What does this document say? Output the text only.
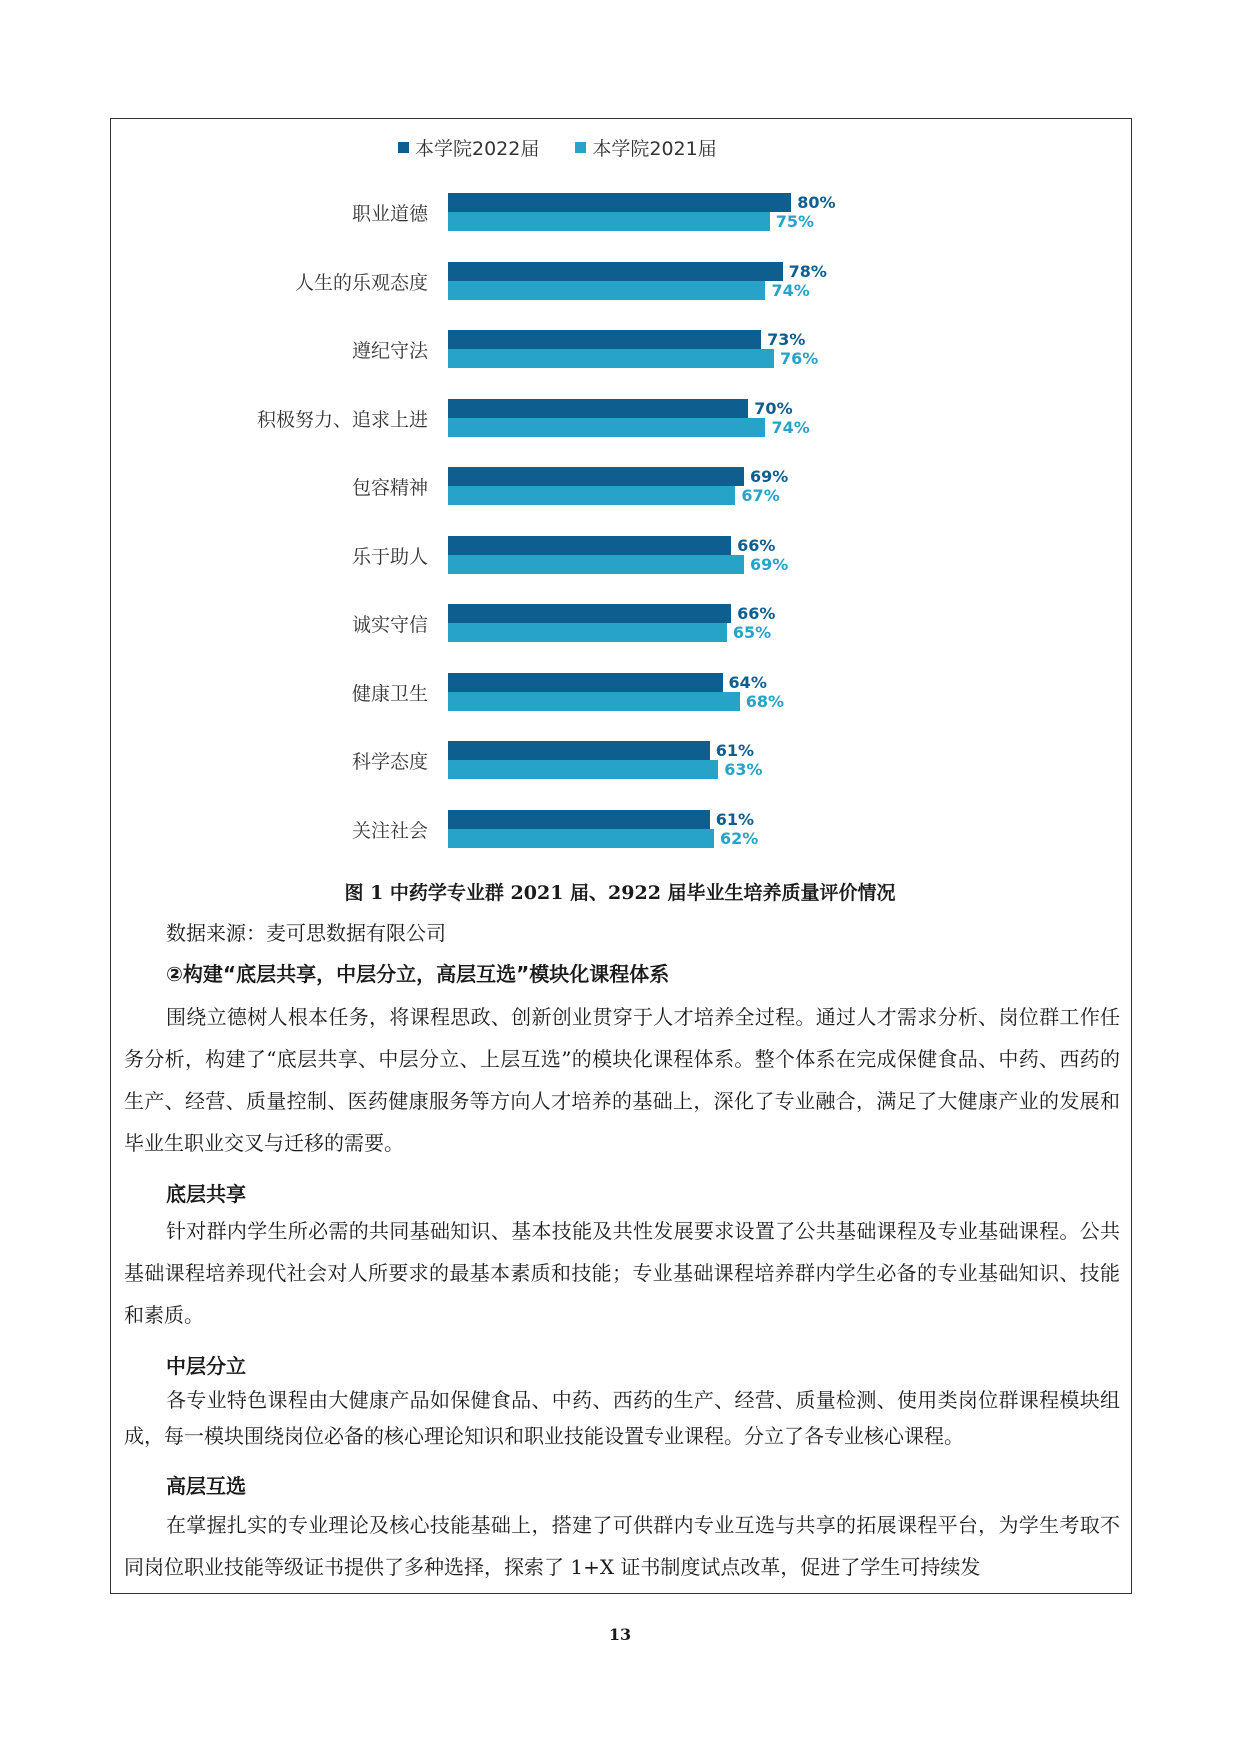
本学院2022届	本学院2021届
职业道德
80%
75%
人生的乐观态度
78%
74%
遵纪守法
73%
76%
积极努力、追求上进
70%
74%
包容精神
69%
67%
乐于助人
66%
69%
诚实守信
66%
65%
健康卫生
64%
68%
科学态度
61%
63%
关注社会
61%
62%
图 1 中药学专业群 2021 届、2922 届毕业生培养质量评价情况
数据来源：麦可思数据有限公司
②构建“底层共享，中层分立，高层互选”模块化课程体系
围绕立德树人根本任务，将课程思政、创新创业贯穿于人才培养全过程。通过人才需求分析、岗位群工作任务分析，构建了“底层共享、中层分立、上层互选”的模块化课程体系。整个体系在完成保健食品、中药、西药的生产、经营、质量控制、医药健康服务等方向人才培养的基础上，深化了专业融合，满足了大健康产业的发展和毕业生职业交叉与迁移的需要。
底层共享
针对群内学生所必需的共同基础知识、基本技能及共性发展要求设置了公共基础课程及专业基础课程。公共基础课程培养现代社会对人所要求的最基本素质和技能；专业基础课程培养群内学生必备的专业基础知识、技能和素质。
中层分立
各专业特色课程由大健康产品如保健食品、中药、西药的生产、经营、质量检测、使用类岗位群课程模块组成，每一模块围绕岗位必备的核心理论知识和职业技能设置专业课程。分立了各专业核心课程。
高层互选
在掌握扎实的专业理论及核心技能基础上，搭建了可供群内专业互选与共享的拓展课程平台，为学生考取不同岗位职业技能等级证书提供了多种选择，探索了 1+X 证书制度试点改革，促进了学生可持续发
13
